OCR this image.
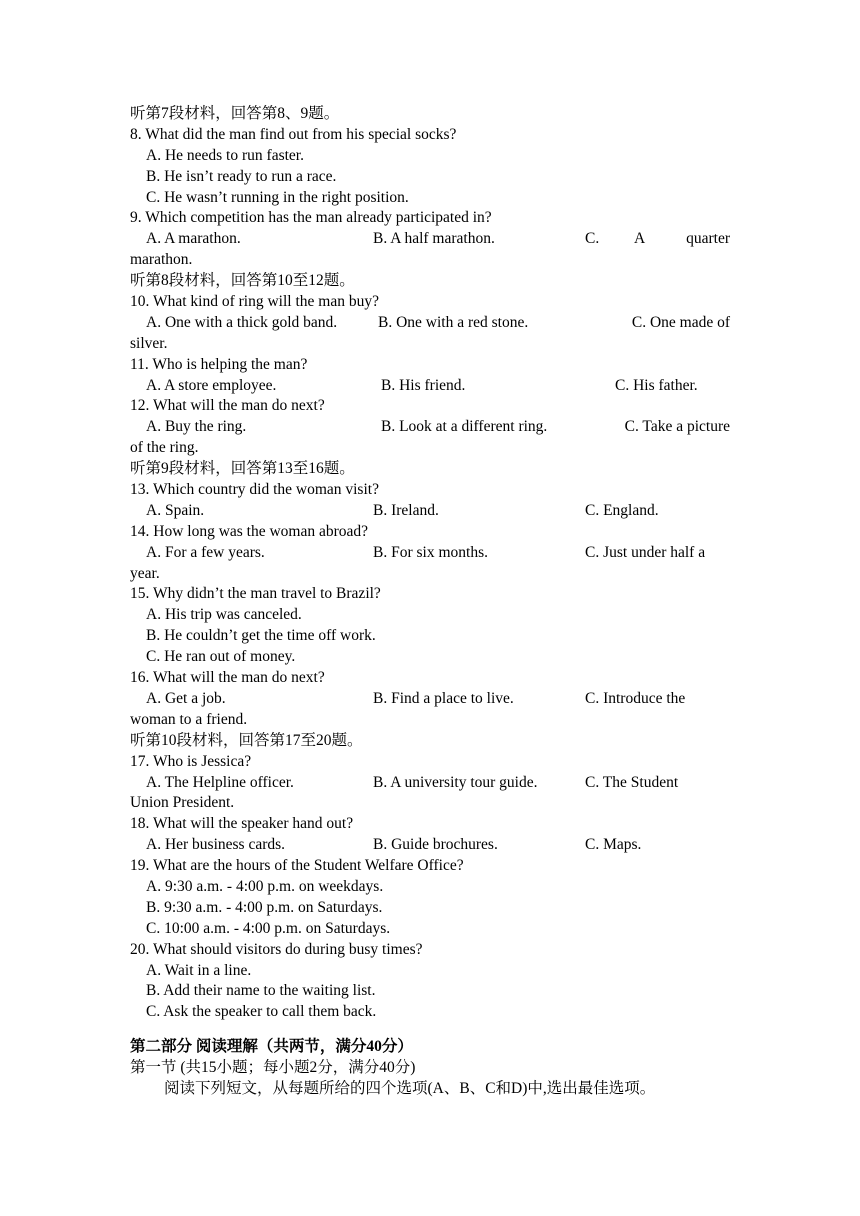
听第7段材料，回答第8、9题。
8. What did the man find out from his special socks?
A. He needs to run faster.
B. He isn’t ready to run a race.
C. He wasn’t running in the right position.
9. Which competition has the man already participated in?
A. A marathon.	B. A half marathon.	C. A	quarter
marathon.
听第8段材料，回答第10至12题。
10. What kind of ring will the man buy?
A. One with a thick gold band.	B. One with a red stone.	C. One made of
silver.
11. Who is helping the man?
A. A store employee.	B. His friend.	C. His father.
12. What will the man do next?
A. Buy the ring.	B. Look at a different ring.	C. Take a picture
of the ring.
听第9段材料，回答第13至16题。
13. Which country did the woman visit?
A. Spain.	B. Ireland.	C. England.
14. How long was the woman abroad?
A. For a few years.	B. For six months.	C. Just under half a
year.
15. Why didn’t the man travel to Brazil?
A. His trip was canceled.
B. He couldn’t get the time off work.
C. He ran out of money.
16. What will the man do next?
A. Get a job.	B. Find a place to live.	C. Introduce the
woman to a friend.
听第10段材料，回答第17至20题。
17. Who is Jessica?
A. The Helpline officer.	B. A university tour guide.	C. The Student
Union President.
18. What will the speaker hand out?
A. Her business cards.	B. Guide brochures.	C. Maps.
19. What are the hours of the Student Welfare Office?
A. 9:30 a.m. - 4:00 p.m. on weekdays.
B. 9:30 a.m. - 4:00 p.m. on Saturdays.
C. 10:00 a.m. - 4:00 p.m. on Saturdays.
20. What should visitors do during busy times?
A. Wait in a line.
B. Add their name to the waiting list.
C. Ask the speaker to call them back.
第二部分 阅读理解（共两节，满分40分）
第一节 (共15小题；每小题2分，满分40分)
阅读下列短文，从每题所给的四个选项(A、B、C和D)中,选出最佳选项。
